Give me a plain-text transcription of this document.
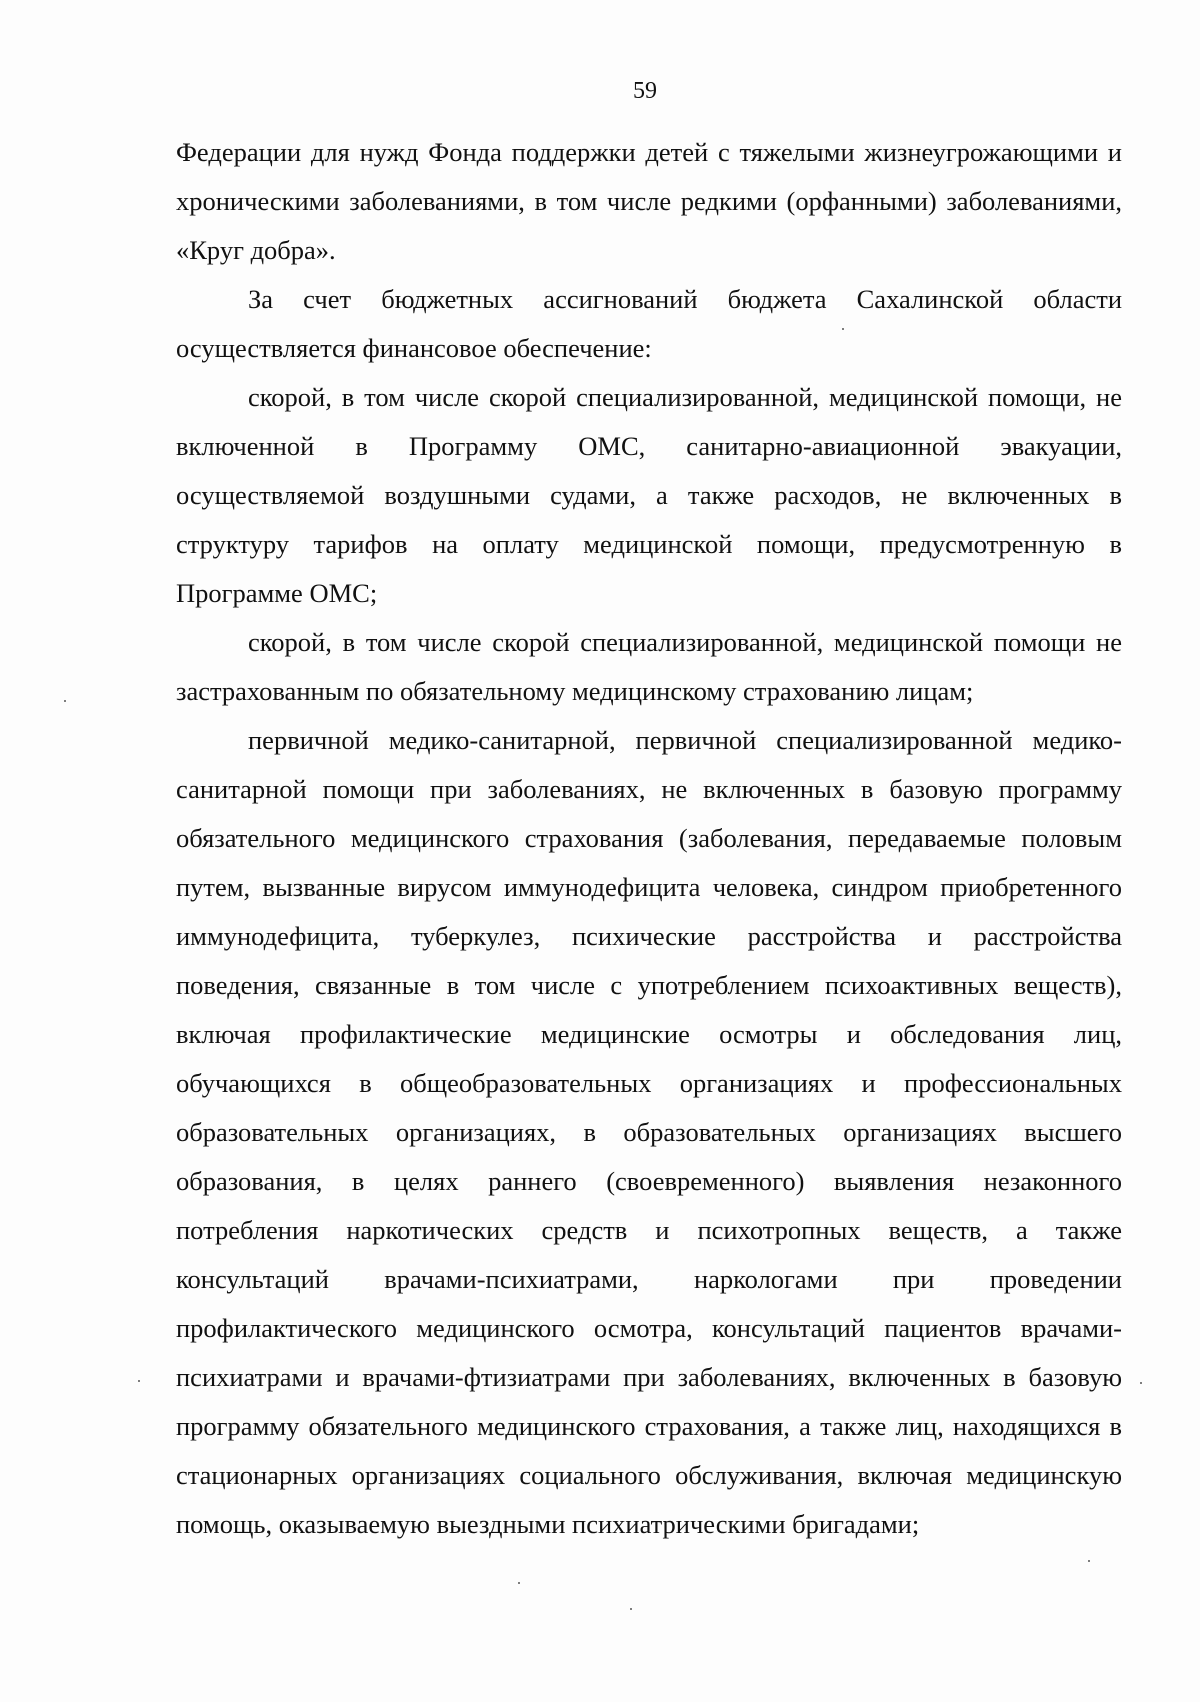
59

Федерации для нужд Фонда поддержки детей с тяжелыми жизнеугрожающими и хроническими заболеваниями, в том числе редкими (орфанными) заболеваниями, «Круг добра».

За счет бюджетных ассигнований бюджета Сахалинской области осуществляется финансовое обеспечение:

скорой, в том числе скорой специализированной, медицинской помощи, не включенной в Программу ОМС, санитарно-авиационной эвакуации, осуществляемой воздушными судами, а также расходов, не включенных в структуру тарифов на оплату медицинской помощи, предусмотренную в Программе ОМС;

скорой, в том числе скорой специализированной, медицинской помощи не застрахованным по обязательному медицинскому страхованию лицам;

первичной медико-санитарной, первичной специализированной медико-санитарной помощи при заболеваниях, не включенных в базовую программу обязательного медицинского страхования (заболевания, передаваемые половым путем, вызванные вирусом иммунодефицита человека, синдром приобретенного иммунодефицита, туберкулез, психические расстройства и расстройства поведения, связанные в том числе с употреблением психоактивных веществ), включая профилактические медицинские осмотры и обследования лиц, обучающихся в общеобразовательных организациях и профессиональных образовательных организациях, в образовательных организациях высшего образования, в целях раннего (своевременного) выявления незаконного потребления наркотических средств и психотропных веществ, а также консультаций врачами-психиатрами, наркологами при проведении профилактического медицинского осмотра, консультаций пациентов врачами-психиатрами и врачами-фтизиатрами при заболеваниях, включенных в базовую программу обязательного медицинского страхования, а также лиц, находящихся в стационарных организациях социального обслуживания, включая медицинскую помощь, оказываемую выездными психиатрическими бригадами;
